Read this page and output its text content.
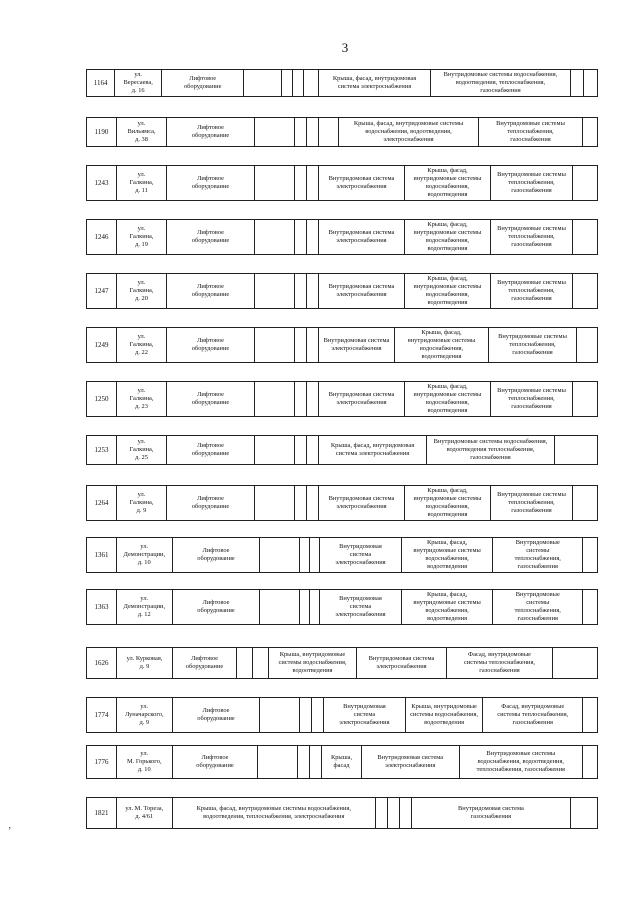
3
1164
ул.
Вересаева,
д. 16
Лифтовое
оборудование
Крыша, фасад, внутридомовая
система электроснабжения
Внутридомовые системы водоснабжения,
водоотведения, теплоснабжения,
газоснабжения
1190
ул.
Вильямса,
д. 38
Лифтовое
оборудование
Крыша, фасад, внутридомовые системы
водоснабжения, водоотведения,
электроснабжения
Внутридомовые системы
теплоснабжения,
газоснабжения
1243
ул.
Галкина,
д. 11
Лифтовое
оборудование
Внутридомовая система
электроснабжения
Крыша, фасад,
внутридомовые системы
водоснабжения,
водоотведения
Внутридомовые системы
теплоснабжения,
газоснабжения
1246
ул.
Галкина,
д. 19
Лифтовое
оборудование
Внутридомовая система
электроснабжения
Крыша, фасад,
внутридомовые системы
водоснабжения,
водоотведения
Внутридомовые системы
теплоснабжения,
газоснабжения
1247
ул.
Галкина,
д. 20
Лифтовое
оборудование
Внутридомовая система
электроснабжения
Крыша, фасад,
внутридомовые системы
водоснабжения,
водоотведения
Внутридомовые системы
теплоснабжения,
газоснабжения
1249
ул.
Галкина,
д. 22
Лифтовое
оборудование
Внутридомовая система
электроснабжения
Крыша, фасад,
внутридомовые системы
водоснабжения,
водоотведения
Внутридомовые системы
теплоснабжения,
газоснабжения
1250
ул.
Галкина,
д. 23
Лифтовое
оборудование
Внутридомовая система
электроснабжения
Крыша, фасад,
внутридомовые системы
водоснабжения,
водоотведения
Внутридомовые системы
теплоснабжения,
газоснабжения
1253
ул.
Галкина,
д. 25
Лифтовое
оборудование
Крыша, фасад, внутридомовая
система электроснабжения
Внутридомовые системы водоснабжения,
водоотведения теплоснабжения,
газоснабжения
1264
ул.
Галкина,
д. 9
Лифтовое
оборудование
Внутридомовая система
электроснабжения
Крыша, фасад,
внутридомовые системы
водоснабжения,
водоотведения
Внутридомовые системы
теплоснабжения,
газоснабжения
1361
ул.
Демонстрации,
д. 10
Лифтовое
оборудование
Внутридомовая
система
электроснабжения
Крыша, фасад,
внутридомовые системы
водоснабжения,
водоотведения
Внутридомовые
системы
теплоснабжения,
газоснабжения
1363
ул.
Демонстрации,
д. 12
Лифтовое
оборудование
Внутридомовая
система
электроснабжения
Крыша, фасад,
внутридомовые системы
водоснабжения,
водоотведения
Внутридомовые
системы
теплоснабжения,
газоснабжения
1626
ул. Курковая,
д. 9
Лифтовое
оборудование
Крыша, внутридомовые
системы водоснабжения,
водоотведения
Внутридомовая система
электроснабжения
Фасад, внутридомовые
системы теплоснабжения,
газоснабжения
1774
ул.
Луначарского,
д. 9
Лифтовое
оборудование
Внутридомовая
система
электроснабжения
Крыша, внутридомовые
системы водоснабжения,
водоотведения
Фасад, внутридомовые
системы теплоснабжения,
газоснабжения
1776
ул.
М. Горького,
д. 10
Лифтовое
оборудование
Крыша,
фасад
Внутридомовая система
электроснабжения
Внутридомовые системы
водоснабжения, водоотведения,
теплоснабжения, газоснабжения
1821
ул. М. Тореза,
д. 4/61
Крыша, фасад, внутридомовые системы водоснабжения,
водоотведения, теплоснабжения, электроснабжения
Внутридомовая система
газоснабжения
’
